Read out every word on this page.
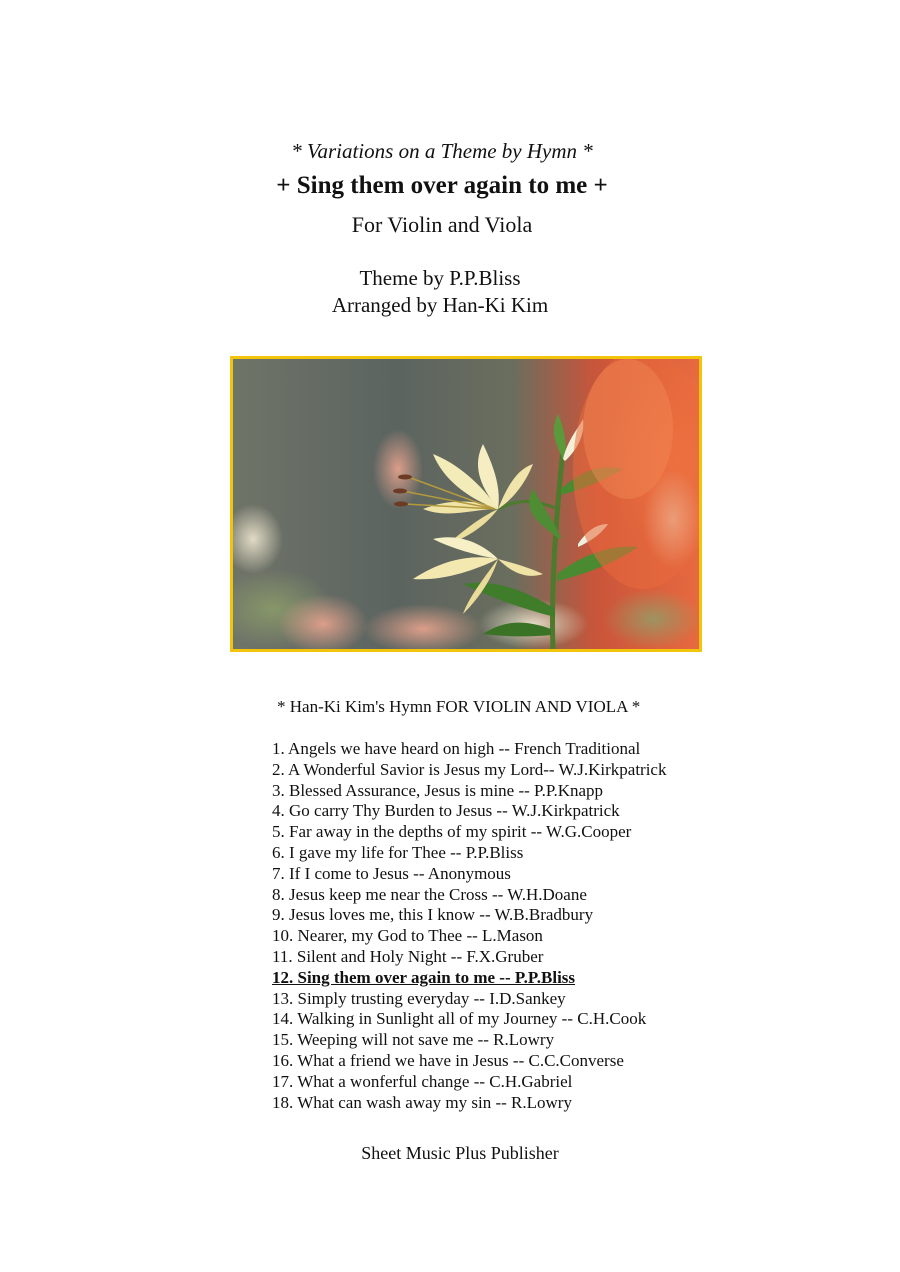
* Variations on a Theme by Hymn *
+ Sing them over again to me +
For Violin and Viola
Theme by P.P.Bliss
Arranged by Han-Ki Kim
* Han-Ki Kim's Hymn FOR VIOLIN AND VIOLA *
1. Angels we have heard on high -- French Traditional
2. A Wonderful Savior is Jesus my Lord-- W.J.Kirkpatrick
3. Blessed Assurance, Jesus is mine -- P.P.Knapp
4. Go carry Thy Burden to Jesus -- W.J.Kirkpatrick
5. Far away in the depths of my spirit -- W.G.Cooper
6. I gave my life for Thee -- P.P.Bliss
7. If I come to Jesus -- Anonymous
8. Jesus keep me near the Cross -- W.H.Doane
9. Jesus loves me, this I know -- W.B.Bradbury
10. Nearer, my God to Thee -- L.Mason
11. Silent and Holy Night -- F.X.Gruber
12. Sing them over again to me -- P.P.Bliss
13. Simply trusting everyday -- I.D.Sankey
14. Walking in Sunlight all of my Journey -- C.H.Cook
15. Weeping will not save me -- R.Lowry
16. What a friend we have in Jesus -- C.C.Converse
17. What a wonferful change -- C.H.Gabriel
18. What can wash away my sin -- R.Lowry
Sheet Music Plus Publisher
